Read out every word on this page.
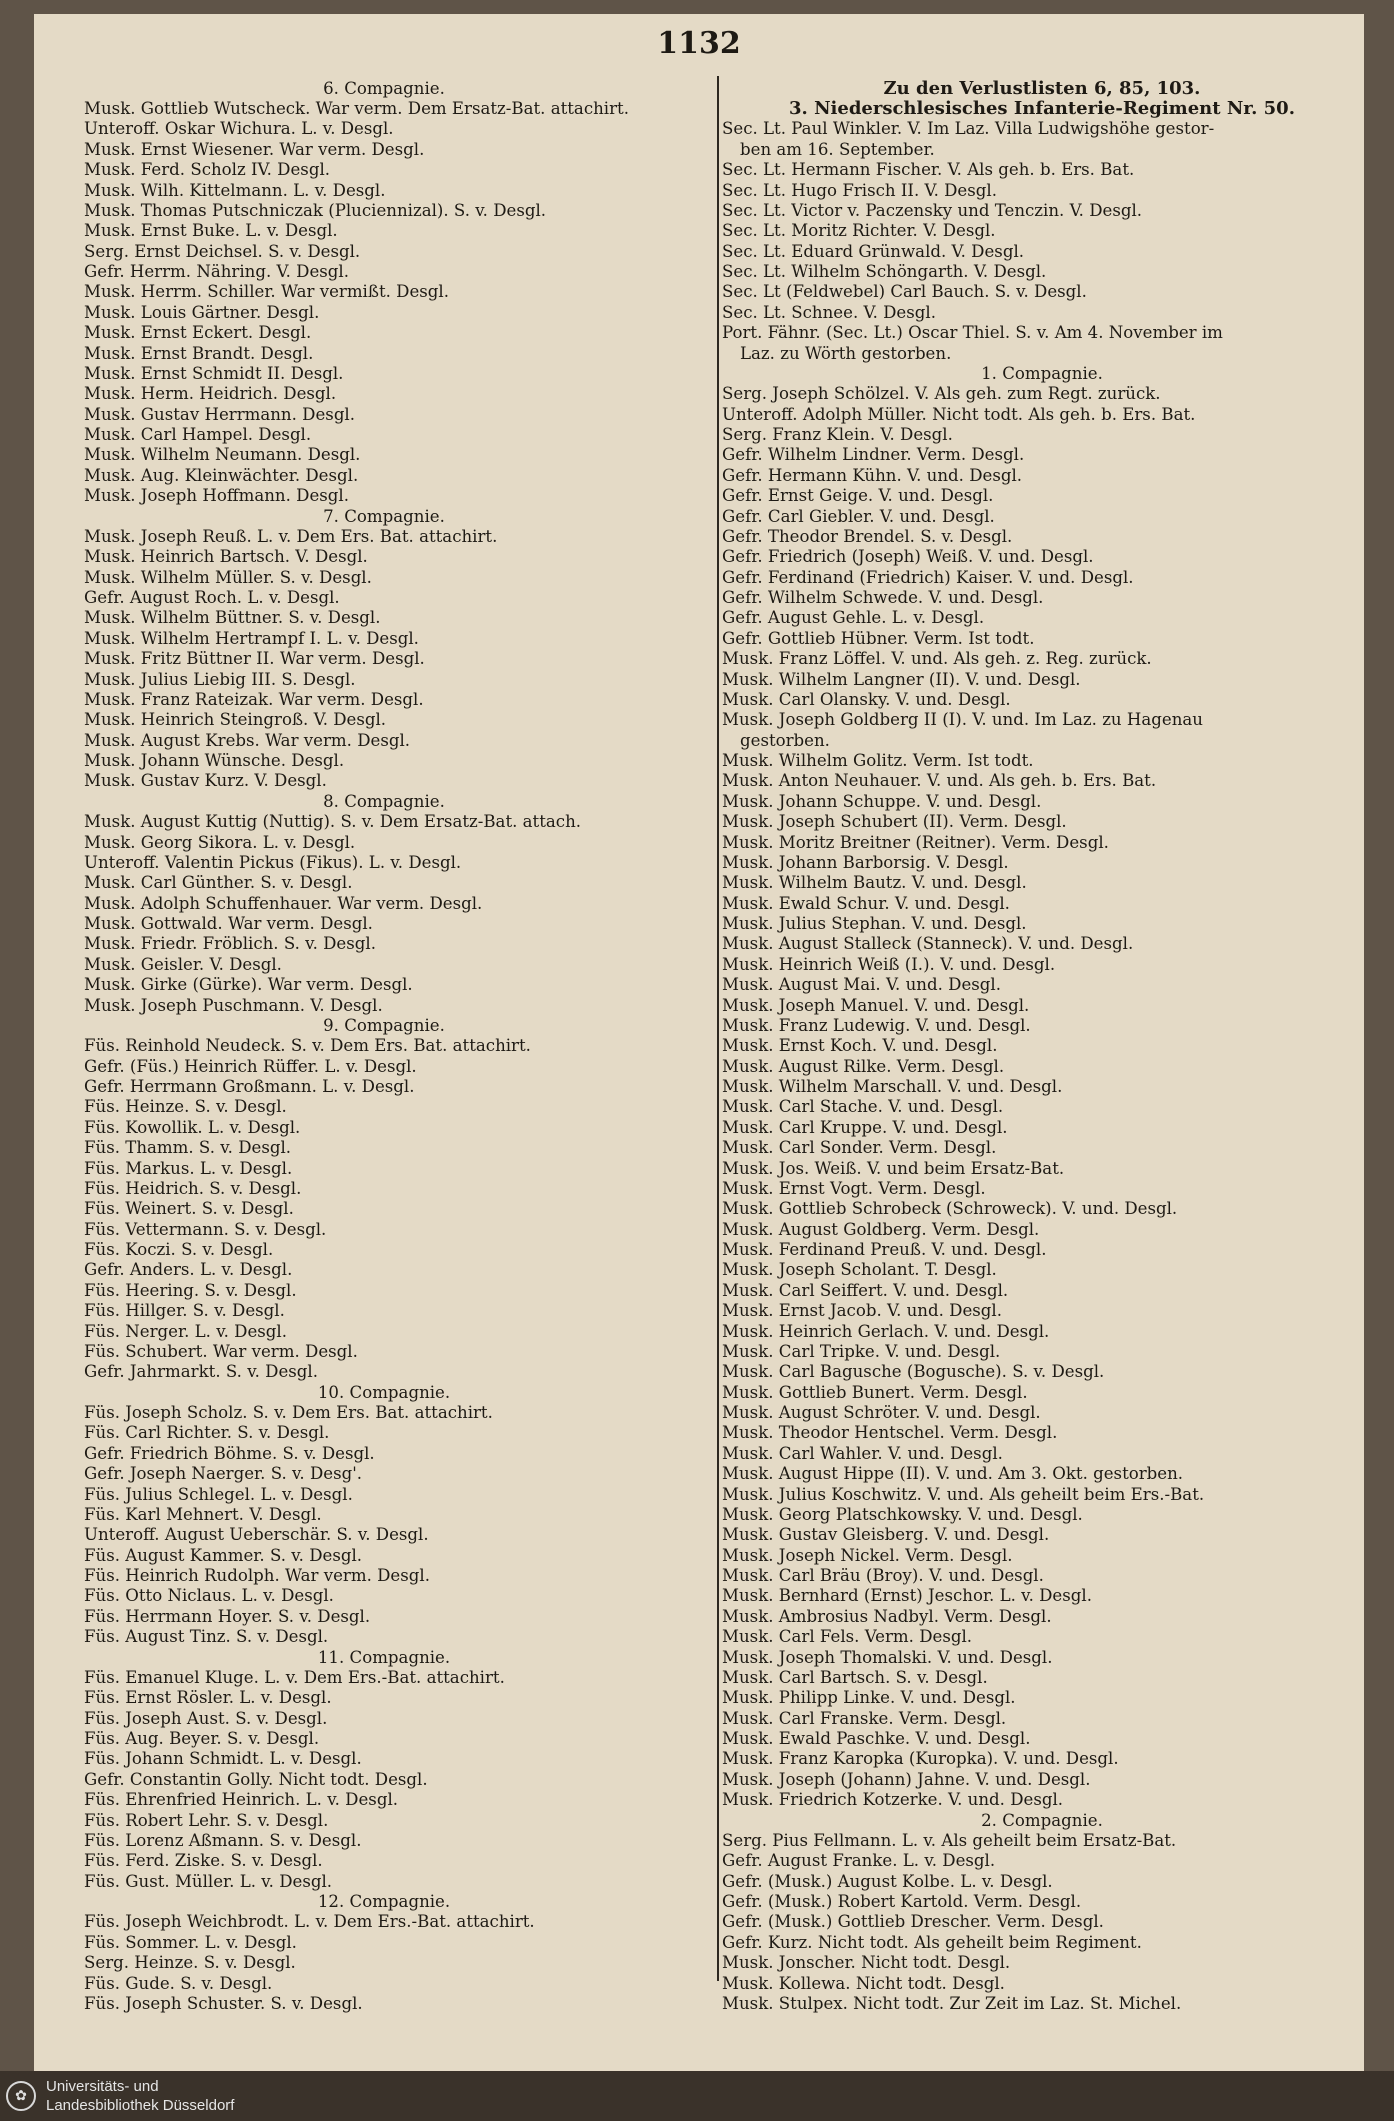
1132
6. Compagnie.
Musk. Gottlieb Wutscheck. War verm. Dem Ersatz-Bat. attachirt.
Unteroff. Oskar Wichura. L. v. Desgl.
Musk. Ernst Wiesener. War verm. Desgl.
Musk. Ferd. Scholz IV. Desgl.
Musk. Wilh. Kittelmann. L. v. Desgl.
Musk. Thomas Putschniczak (Pluciennizal). S. v. Desgl.
Musk. Ernst Buke. L. v. Desgl.
Serg. Ernst Deichsel. S. v. Desgl.
Gefr. Herrm. Nähring. V. Desgl.
Musk. Herrm. Schiller. War vermißt. Desgl.
Musk. Louis Gärtner. Desgl.
Musk. Ernst Eckert. Desgl.
Musk. Ernst Brandt. Desgl.
Musk. Ernst Schmidt II. Desgl.
Musk. Herm. Heidrich. Desgl.
Musk. Gustav Herrmann. Desgl.
Musk. Carl Hampel. Desgl.
Musk. Wilhelm Neumann. Desgl.
Musk. Aug. Kleinwächter. Desgl.
Musk. Joseph Hoffmann. Desgl.
7. Compagnie.
Musk. Joseph Reuß. L. v. Dem Ers. Bat. attachirt.
Musk. Heinrich Bartsch. V. Desgl.
Musk. Wilhelm Müller. S. v. Desgl.
Gefr. August Roch. L. v. Desgl.
Musk. Wilhelm Büttner. S. v. Desgl.
Musk. Wilhelm Hertrampf I. L. v. Desgl.
Musk. Fritz Büttner II. War verm. Desgl.
Musk. Julius Liebig III. S. Desgl.
Musk. Franz Rateizak. War verm. Desgl.
Musk. Heinrich Steingroß. V. Desgl.
Musk. August Krebs. War verm. Desgl.
Musk. Johann Wünsche. Desgl.
Musk. Gustav Kurz. V. Desgl.
8. Compagnie.
Musk. August Kuttig (Nuttig). S. v. Dem Ersatz-Bat. attach.
Musk. Georg Sikora. L. v. Desgl.
Unteroff. Valentin Pickus (Fikus). L. v. Desgl.
Musk. Carl Günther. S. v. Desgl.
Musk. Adolph Schuffenhauer. War verm. Desgl.
Musk. Gottwald. War verm. Desgl.
Musk. Friedr. Fröblich. S. v. Desgl.
Musk. Geisler. V. Desgl.
Musk. Girke (Gürke). War verm. Desgl.
Musk. Joseph Puschmann. V. Desgl.
9. Compagnie.
Füs. Reinhold Neudeck. S. v. Dem Ers. Bat. attachirt.
Gefr. (Füs.) Heinrich Rüffer. L. v. Desgl.
Gefr. Herrmann Großmann. L. v. Desgl.
Füs. Heinze. S. v. Desgl.
Füs. Kowollik. L. v. Desgl.
Füs. Thamm. S. v. Desgl.
Füs. Markus. L. v. Desgl.
Füs. Heidrich. S. v. Desgl.
Füs. Weinert. S. v. Desgl.
Füs. Vettermann. S. v. Desgl.
Füs. Koczi. S. v. Desgl.
Gefr. Anders. L. v. Desgl.
Füs. Heering. S. v. Desgl.
Füs. Hillger. S. v. Desgl.
Füs. Nerger. L. v. Desgl.
Füs. Schubert. War verm. Desgl.
Gefr. Jahrmarkt. S. v. Desgl.
10. Compagnie.
Füs. Joseph Scholz. S. v. Dem Ers. Bat. attachirt.
Füs. Carl Richter. S. v. Desgl.
Gefr. Friedrich Böhme. S. v. Desgl.
Gefr. Joseph Naerger. S. v. Desg'.
Füs. Julius Schlegel. L. v. Desgl.
Füs. Karl Mehnert. V. Desgl.
Unteroff. August Ueberschär. S. v. Desgl.
Füs. August Kammer. S. v. Desgl.
Füs. Heinrich Rudolph. War verm. Desgl.
Füs. Otto Niclaus. L. v. Desgl.
Füs. Herrmann Hoyer. S. v. Desgl.
Füs. August Tinz. S. v. Desgl.
11. Compagnie.
Füs. Emanuel Kluge. L. v. Dem Ers.-Bat. attachirt.
Füs. Ernst Rösler. L. v. Desgl.
Füs. Joseph Aust. S. v. Desgl.
Füs. Aug. Beyer. S. v. Desgl.
Füs. Johann Schmidt. L. v. Desgl.
Gefr. Constantin Golly. Nicht todt. Desgl.
Füs. Ehrenfried Heinrich. L. v. Desgl.
Füs. Robert Lehr. S. v. Desgl.
Füs. Lorenz Aßmann. S. v. Desgl.
Füs. Ferd. Ziske. S. v. Desgl.
Füs. Gust. Müller. L. v. Desgl.
12. Compagnie.
Füs. Joseph Weichbrodt. L. v. Dem Ers.-Bat. attachirt.
Füs. Sommer. L. v. Desgl.
Serg. Heinze. S. v. Desgl.
Füs. Gude. S. v. Desgl.
Füs. Joseph Schuster. S. v. Desgl.
Zu den Verlustlisten 6, 85, 103.
3. Niederschlesisches Infanterie-Regiment Nr. 50.
Sec. Lt. Paul Winkler. V. Im Laz. Villa Ludwigshöhe gestor-
ben am 16. September.
Sec. Lt. Hermann Fischer. V. Als geh. b. Ers. Bat.
Sec. Lt. Hugo Frisch II. V. Desgl.
Sec. Lt. Victor v. Paczensky und Tenczin. V. Desgl.
Sec. Lt. Moritz Richter. V. Desgl.
Sec. Lt. Eduard Grünwald. V. Desgl.
Sec. Lt. Wilhelm Schöngarth. V. Desgl.
Sec. Lt (Feldwebel) Carl Bauch. S. v. Desgl.
Sec. Lt. Schnee. V. Desgl.
Port. Fähnr. (Sec. Lt.) Oscar Thiel. S. v. Am 4. November im
Laz. zu Wörth gestorben.
1. Compagnie.
Serg. Joseph Schölzel. V. Als geh. zum Regt. zurück.
Unteroff. Adolph Müller. Nicht todt. Als geh. b. Ers. Bat.
Serg. Franz Klein. V. Desgl.
Gefr. Wilhelm Lindner. Verm. Desgl.
Gefr. Hermann Kühn. V. und. Desgl.
Gefr. Ernst Geige. V. und. Desgl.
Gefr. Carl Giebler. V. und. Desgl.
Gefr. Theodor Brendel. S. v. Desgl.
Gefr. Friedrich (Joseph) Weiß. V. und. Desgl.
Gefr. Ferdinand (Friedrich) Kaiser. V. und. Desgl.
Gefr. Wilhelm Schwede. V. und. Desgl.
Gefr. August Gehle. L. v. Desgl.
Gefr. Gottlieb Hübner. Verm. Ist todt.
Musk. Franz Löffel. V. und. Als geh. z. Reg. zurück.
Musk. Wilhelm Langner (II). V. und. Desgl.
Musk. Carl Olansky. V. und. Desgl.
Musk. Joseph Goldberg II (I). V. und. Im Laz. zu Hagenau
gestorben.
Musk. Wilhelm Golitz. Verm. Ist todt.
Musk. Anton Neuhauer. V. und. Als geh. b. Ers. Bat.
Musk. Johann Schuppe. V. und. Desgl.
Musk. Joseph Schubert (II). Verm. Desgl.
Musk. Moritz Breitner (Reitner). Verm. Desgl.
Musk. Johann Barborsig. V. Desgl.
Musk. Wilhelm Bautz. V. und. Desgl.
Musk. Ewald Schur. V. und. Desgl.
Musk. Julius Stephan. V. und. Desgl.
Musk. August Stalleck (Stanneck). V. und. Desgl.
Musk. Heinrich Weiß (I.). V. und. Desgl.
Musk. August Mai. V. und. Desgl.
Musk. Joseph Manuel. V. und. Desgl.
Musk. Franz Ludewig. V. und. Desgl.
Musk. Ernst Koch. V. und. Desgl.
Musk. August Rilke. Verm. Desgl.
Musk. Wilhelm Marschall. V. und. Desgl.
Musk. Carl Stache. V. und. Desgl.
Musk. Carl Kruppe. V. und. Desgl.
Musk. Carl Sonder. Verm. Desgl.
Musk. Jos. Weiß. V. und beim Ersatz-Bat.
Musk. Ernst Vogt. Verm. Desgl.
Musk. Gottlieb Schrobeck (Schroweck). V. und. Desgl.
Musk. August Goldberg. Verm. Desgl.
Musk. Ferdinand Preuß. V. und. Desgl.
Musk. Joseph Scholant. T. Desgl.
Musk. Carl Seiffert. V. und. Desgl.
Musk. Ernst Jacob. V. und. Desgl.
Musk. Heinrich Gerlach. V. und. Desgl.
Musk. Carl Tripke. V. und. Desgl.
Musk. Carl Bagusche (Bogusche). S. v. Desgl.
Musk. Gottlieb Bunert. Verm. Desgl.
Musk. August Schröter. V. und. Desgl.
Musk. Theodor Hentschel. Verm. Desgl.
Musk. Carl Wahler. V. und. Desgl.
Musk. August Hippe (II). V. und. Am 3. Okt. gestorben.
Musk. Julius Koschwitz. V. und. Als geheilt beim Ers.-Bat.
Musk. Georg Platschkowsky. V. und. Desgl.
Musk. Gustav Gleisberg. V. und. Desgl.
Musk. Joseph Nickel. Verm. Desgl.
Musk. Carl Bräu (Broy). V. und. Desgl.
Musk. Bernhard (Ernst) Jeschor. L. v. Desgl.
Musk. Ambrosius Nadbyl. Verm. Desgl.
Musk. Carl Fels. Verm. Desgl.
Musk. Joseph Thomalski. V. und. Desgl.
Musk. Carl Bartsch. S. v. Desgl.
Musk. Philipp Linke. V. und. Desgl.
Musk. Carl Franske. Verm. Desgl.
Musk. Ewald Paschke. V. und. Desgl.
Musk. Franz Karopka (Kuropka). V. und. Desgl.
Musk. Joseph (Johann) Jahne. V. und. Desgl.
Musk. Friedrich Kotzerke. V. und. Desgl.
2. Compagnie.
Serg. Pius Fellmann. L. v. Als geheilt beim Ersatz-Bat.
Gefr. August Franke. L. v. Desgl.
Gefr. (Musk.) August Kolbe. L. v. Desgl.
Gefr. (Musk.) Robert Kartold. Verm. Desgl.
Gefr. (Musk.) Gottlieb Drescher. Verm. Desgl.
Gefr. Kurz. Nicht todt. Als geheilt beim Regiment.
Musk. Jonscher. Nicht todt. Desgl.
Musk. Kollewa. Nicht todt. Desgl.
Musk. Stulpex. Nicht todt. Zur Zeit im Laz. St. Michel.
✿
Universitäts- und
Landesbibliothek Düsseldorf
